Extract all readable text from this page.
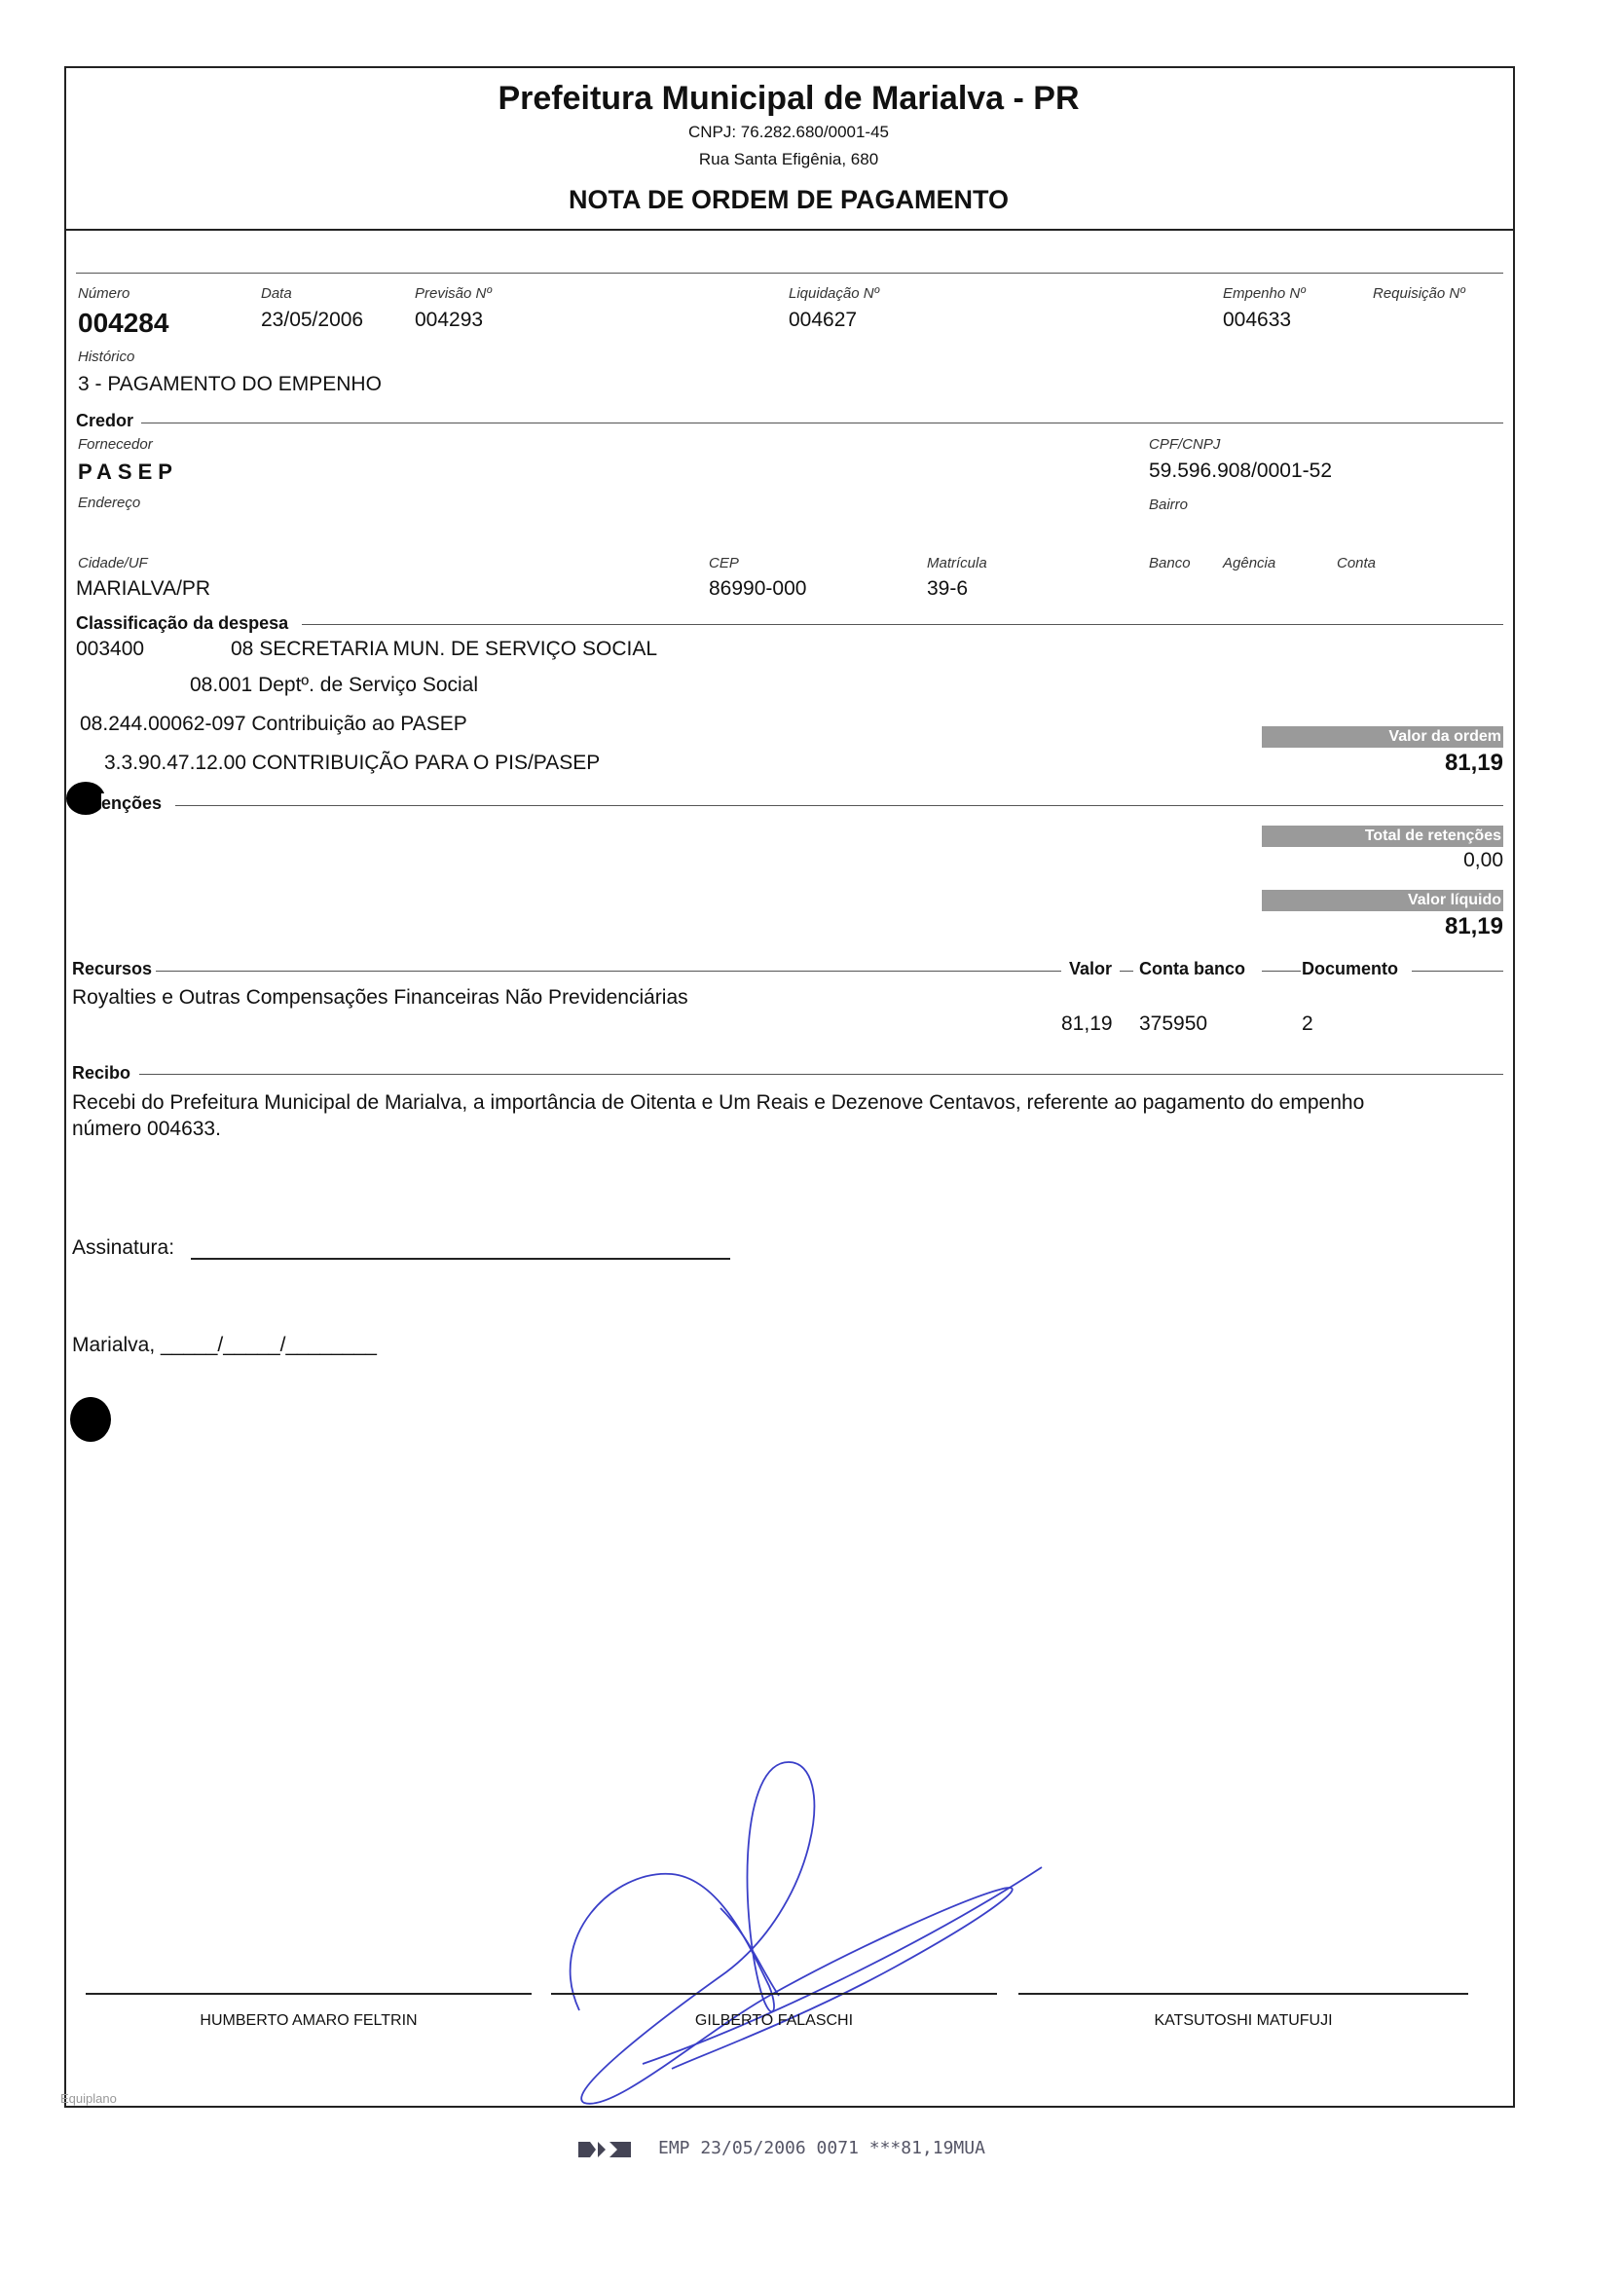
Prefeitura Municipal de Marialva - PR
CNPJ: 76.282.680/0001-45
Rua Santa Efigênia, 680
NOTA DE ORDEM DE PAGAMENTO
Número
004284
Data
23/05/2006
Previsão Nº
004293
Liquidação Nº
004627
Empenho Nº
004633
Requisição Nº
Histórico
3 - PAGAMENTO DO EMPENHO
Credor
Fornecedor
PASEP
CPF/CNPJ
59.596.908/0001-52
Endereço	Bairro
Cidade/UF
MARIALVA/PR
CEP
86990-000
Matrícula
39-6
Banco Agência	Conta
Classificação da despesa
003400	08 SECRETARIA MUN. DE SERVIÇO SOCIAL
08.001 Deptº. de Serviço Social
08.244.00062-097 Contribuição ao PASEP
3.3.90.47.12.00 CONTRIBUIÇÃO PARA O PIS/PASEP
Valor da ordem
81,19
enções
Total de retenções
0,00
Valor líquido
81,19
Recursos	Valor Conta banco	Documento
Royalties e Outras Compensações Financeiras Não Previdenciárias
81,19 375950	2
Recibo
Recebi do Prefeitura Municipal de Marialva, a importância de Oitenta e Um Reais e Dezenove Centavos, referente ao pagamento do empenho
número 004633.
Assinatura:
Marialva, _____/_____/________
HUMBERTO AMARO FELTRIN	GILBERTO FALASCHI	KATSUTOSHI MATUFUJI
Equiplano
EMP 23/05/2006 0071 ***81,19MUA
